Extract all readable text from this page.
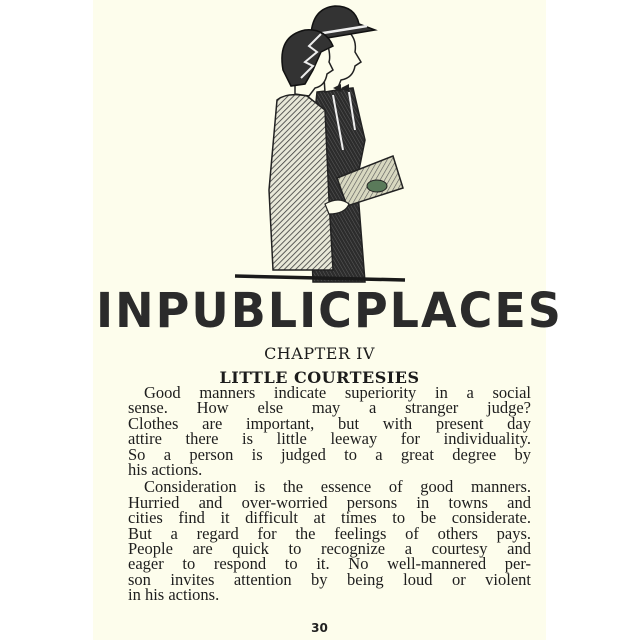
IN PUBLIC PLACES
CHAPTER IV
LITTLE COURTESIES
Good manners indicate superiority in a social
sense. How else may a stranger judge?
Clothes are important, but with present day
attire there is little leeway for individuality.
So a person is judged to a great degree by
his actions.
Consideration is the essence of good manners.
Hurried and over-worried persons in towns and
cities find it difficult at times to be considerate.
But a regard for the feelings of others pays.
People are quick to recognize a courtesy and
eager to respond to it. No well-mannered per-
son invites attention by being loud or violent
in his actions.
30
